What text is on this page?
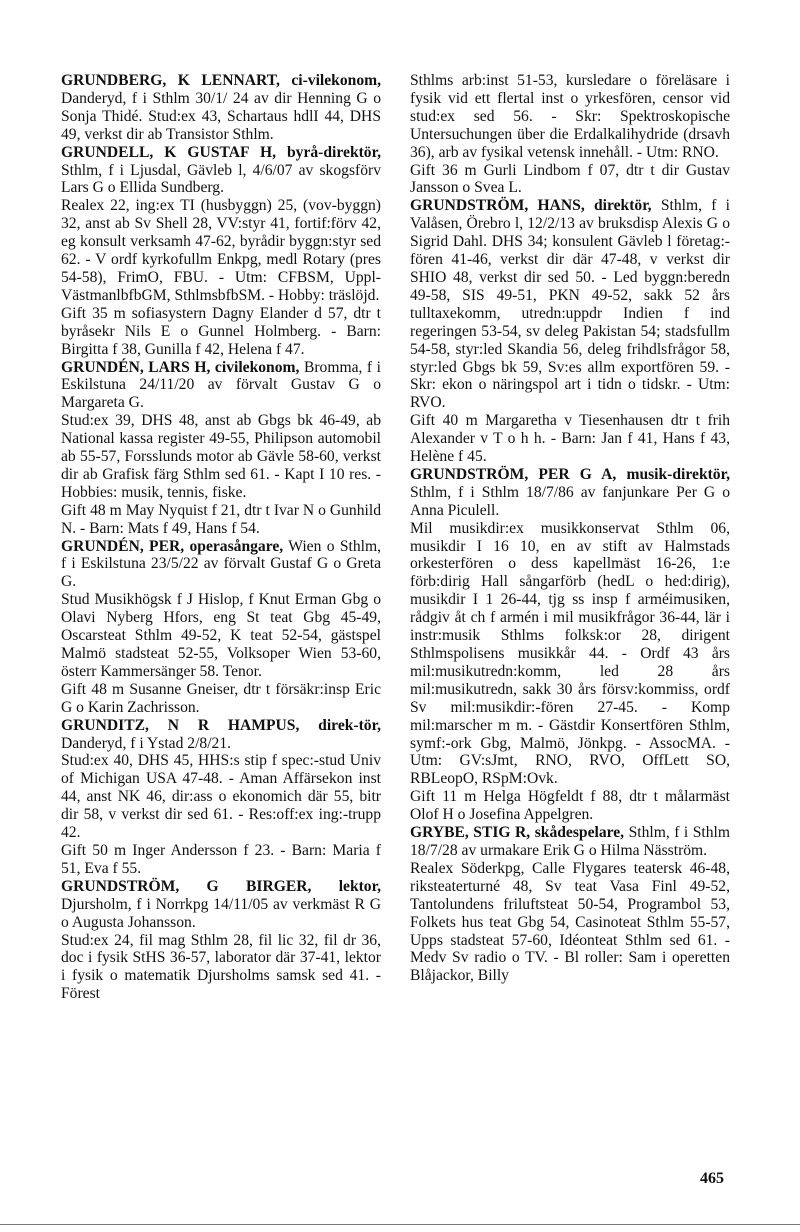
GRUNDBERG, K LENNART, ci-vilekonom, Danderyd, f i Sthlm 30/1/ 24 av dir Henning G o Sonja Thidé. Stud:ex 43, Schartaus hdlI 44, DHS 49, verkst dir ab Transistor Sthlm.

GRUNDELL, K GUSTAF H, byrå-direktör, Sthlm, f i Ljusdal, Gävleb l, 4/6/07 av skogsförv Lars G o Ellida Sundberg.

Realex 22, ing:ex TI (husbyggn) 25, (vov-byggn) 32, anst ab Sv Shell 28, VV:styr 41, fortif:förv 42, eg konsult verksamh 47-62, byrådir byggn:styr sed 62. - V ordf kyrkofullm Enkpg, medl Rotary (pres 54-58), FrimO, FBU. - Utm: CFBSM, Uppl-VästmanlbfbGM, SthlmsbfbSM. - Hobby: träslöjd.

Gift 35 m sofiasystern Dagny Elander d 57, dtr t byråsekr Nils E o Gunnel Holmberg. - Barn: Birgitta f 38, Gunilla f 42, Helena f 47.

GRUNDÉN, LARS H, civilekonom, Bromma, f i Eskilstuna 24/11/20 av förvalt Gustav G o Margareta G.

Stud:ex 39, DHS 48, anst ab Gbgs bk 46-49, ab National kassa register 49-55, Philipson automobil ab 55-57, Forsslunds motor ab Gävle 58-60, verkst dir ab Grafisk färg Sthlm sed 61. - Kapt I 10 res. - Hobbies: musik, tennis, fiske.

Gift 48 m May Nyquist f 21, dtr t Ivar N o Gunhild N. - Barn: Mats f 49, Hans f 54.

GRUNDÉN, PER, operasångare, Wien o Sthlm, f i Eskilstuna 23/5/22 av förvalt Gustaf G o Greta G.

Stud Musikhögsk f J Hislop, f Knut Erman Gbg o Olavi Nyberg Hfors, eng St teat Gbg 45-49, Oscarsteat Sthlm 49-52, K teat 52-54, gästspel Malmö stadsteat 52-55, Volksoper Wien 53-60, österr Kammersänger 58. Tenor.

Gift 48 m Susanne Gneiser, dtr t försäkr:insp Eric G o Karin Zachrisson.

GRUNDITZ, N R HAMPUS, direk-tör, Danderyd, f i Ystad 2/8/21.

Stud:ex 40, DHS 45, HHS:s stip f spec:-stud Univ of Michigan USA 47-48. - Aman Affärsekon inst 44, anst NK 46, dir:ass o ekonomich där 55, bitr dir 58, v verkst dir sed 61. - Res:off:ex ing:-trupp 42.

Gift 50 m Inger Andersson f 23. - Barn: Maria f 51, Eva f 55.

GRUNDSTRÖM, G BIRGER, lektor, Djursholm, f i Norrkpg 14/11/05 av verkmäst R G o Augusta Johansson.

Stud:ex 24, fil mag Sthlm 28, fil lic 32, fil dr 36, doc i fysik StHS 36-57, laborator där 37-41, lektor i fysik o matematik Djursholms samsk sed 41. - Förest

Sthlms arb:inst 51-53, kursledare o föreläsare i fysik vid ett flertal inst o yrkesfören, censor vid stud:ex sed 56. - Skr: Spektroskopische Untersuchungen über die Erdalkalihydride (drsavh 36), arb av fysikal vetensk innehåll. - Utm: RNO.

Gift 36 m Gurli Lindbom f 07, dtr t dir Gustav Jansson o Svea L.

GRUNDSTRÖM, HANS, direktör, Sthlm, f i Valåsen, Örebro l, 12/2/13 av bruksdisp Alexis G o Sigrid Dahl. DHS 34; konsulent Gävleb l företag:-fören 41-46, verkst dir där 47-48, v verkst dir SHIO 48, verkst dir sed 50. - Led byggn:beredn 49-58, SIS 49-51, PKN 49-52, sakk 52 års tulltaxekomm, utredn:uppdr Indien f ind regeringen 53-54, sv deleg Pakistan 54; stadsfullm 54-58, styr:led Skandia 56, deleg frihdlsfrågor 58, styr:led Gbgs bk 59, Sv:es allm exportfören 59. - Skr: ekon o näringspol art i tidn o tidskr. - Utm: RVO.

Gift 40 m Margaretha v Tiesenhausen dtr t frih Alexander v T o h h. - Barn: Jan f 41, Hans f 43, Helène f 45.

GRUNDSTRÖM, PER G A, musik-direktör, Sthlm, f i Sthlm 18/7/86 av fanjunkare Per G o Anna Piculell.

Mil musikdir:ex musikkonservat Sthlm 06, musikdir I 16 10, en av stift av Halmstads orkesterfören o dess kapellmäst 16-26, 1:e förb:dirig Hall sångarförb (hedL o hed:dirig), musikdir I 1 26-44, tjg ss insp f arméimusiken, rådgiv åt ch f armén i mil musikfrågor 36-44, lär i instr:musik Sthlms folksk:or 28, dirigent Sthlmspolisens musikkår 44. - Ordf 43 års mil:musikutredn:komm, led 28 års mil:musikutredn, sakk 30 års försv:kommiss, ordf Sv mil:musikdir:-fören 27-45. - Komp mil:marscher m m. - Gästdir Konsertfören Sthlm, symf:-ork Gbg, Malmö, Jönkpg. - AssocMA. - Utm: GV:sJmt, RNO, RVO, OffLett SO, RBLeopO, RSpM:Ovk.

Gift 11 m Helga Högfeldt f 88, dtr t målarmäst Olof H o Josefina Appelgren.

GRYBE, STIG R, skådespelare, Sthlm, f i Sthlm 18/7/28 av urmakare Erik G o Hilma Näsström.

Realex Söderkpg, Calle Flygares teatersk 46-48, riksteaterturné 48, Sv teat Vasa Finl 49-52, Tantolundens friluftsteat 50-54, Programbol 53, Folkets hus teat Gbg 54, Casinoteat Sthlm 55-57, Upps stadsteat 57-60, Idéonteat Sthlm sed 61. - Medv Sv radio o TV. - Bl roller: Sam i operetten Blåjackor, Billy

465
